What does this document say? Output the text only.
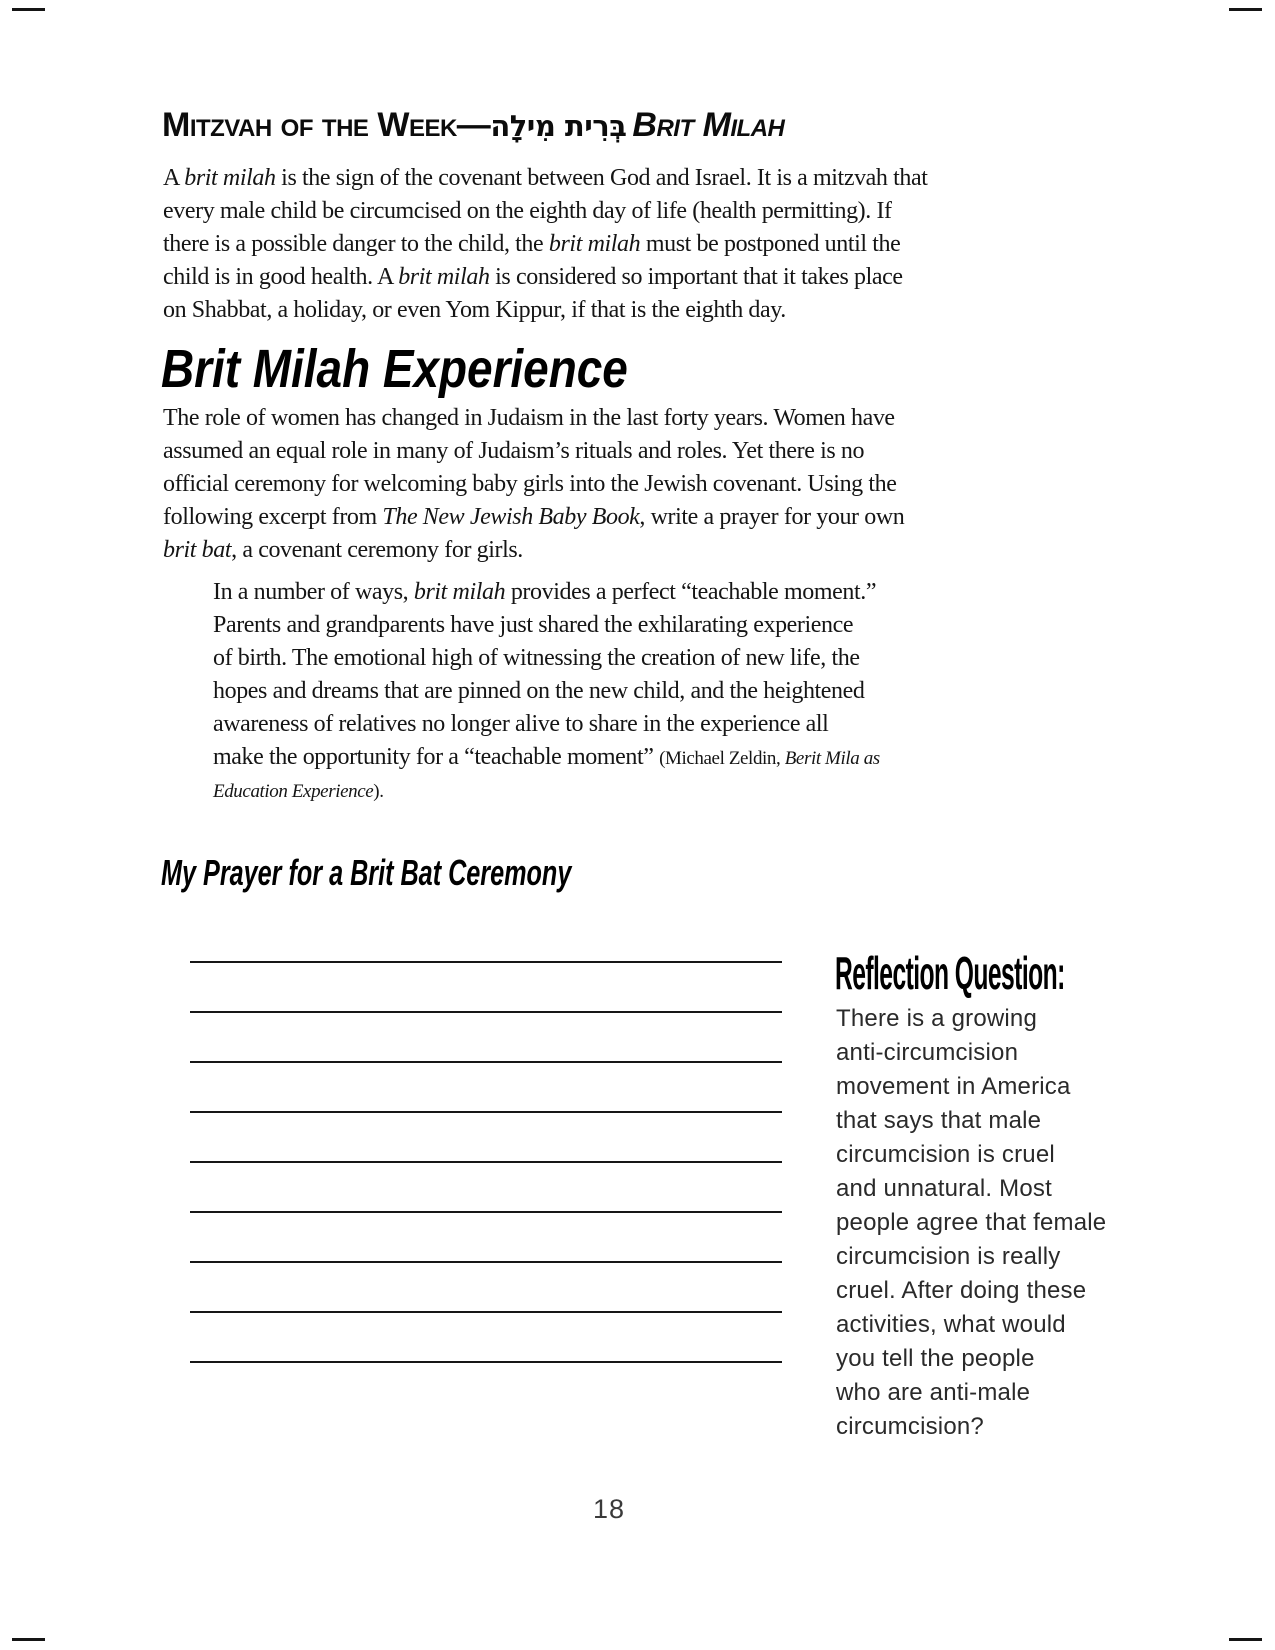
Mitzvah of the Week—בְּרִית מִילָה Brit Milah
A brit milah is the sign of the covenant between God and Israel. It is a mitzvah that
every male child be circumcised on the eighth day of life (health permitting). If
there is a possible danger to the child, the brit milah must be postponed until the
child is in good health. A brit milah is considered so important that it takes place
on Shabbat, a holiday, or even Yom Kippur, if that is the eighth day.
Brit Milah Experience
The role of women has changed in Judaism in the last forty years. Women have
assumed an equal role in many of Judaism’s rituals and roles. Yet there is no
official ceremony for welcoming baby girls into the Jewish covenant. Using the
following excerpt from The New Jewish Baby Book, write a prayer for your own
brit bat, a covenant ceremony for girls.
In a number of ways, brit milah provides a perfect “teachable moment.”
Parents and grandparents have just shared the exhilarating experience
of birth. The emotional high of witnessing the creation of new life, the
hopes and dreams that are pinned on the new child, and the heightened
awareness of relatives no longer alive to share in the experience all
make the opportunity for a “teachable moment” (Michael Zeldin, Berit Mila as
Education Experience).
My Prayer for a Brit Bat Ceremony
Reflection Question:
There is a growing
anti-circumcision
movement in America
that says that male
circumcision is cruel
and unnatural. Most
people agree that female
circumcision is really
cruel. After doing these
activities, what would
you tell the people
who are anti-male
circumcision?
18
